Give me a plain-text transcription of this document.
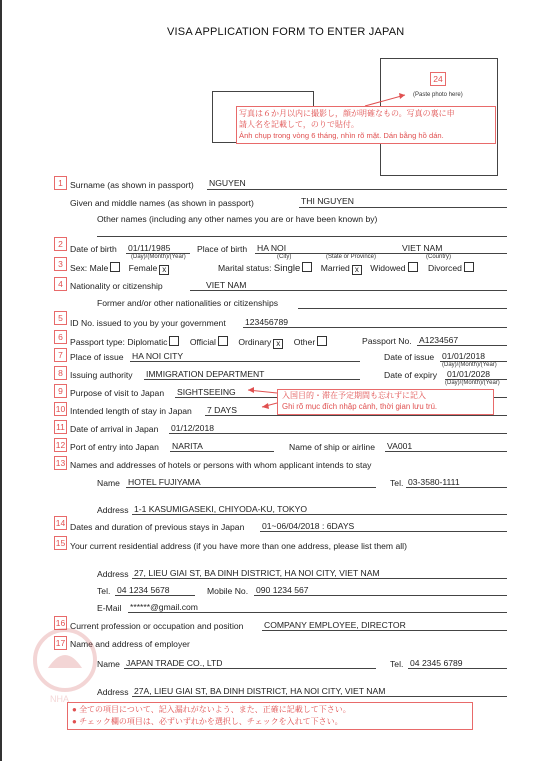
VISA APPLICATION FORM TO ENTER JAPAN
24
(Paste photo here)
写真は６か月以内に撮影し，顔が明確なもの。写真の裏に申
請人名を記載して，のりで貼付。
Ảnh chụp trong vòng 6 tháng, nhìn rõ mặt. Dán bằng hồ dán.
1 Surname (as shown in passport) NGUYEN
Given and middle names (as shown in passport)	THI NGUYEN
Other names (including any other names you are or have been known by)
2 Date of birth 01/11/1985	Place of birth HA NOI	VIET NAM
(Day)/(Month)/(Year)	(City)	(State or Province)	(Country)
3 Sex: Male Female x	Marital status: Single Married x Widowed	Divorced
4 Nationality or citizenship	VIET NAM
Former and/or other nationalities or citizenships
5 ID No. issued to you by your government 123456789
6 Passport type: Diplomatic	Official	Ordinary x Other	Passport No. A1234567
7 Place of issue HA NOI CITY	Date of issue 01/01/2018
(Day)/(Month)/(Year)
8 Issuing authority IMMIGRATION DEPARTMENT	Date of expiry 01/01/2028
(Day)/(Month)/(Year)
9 Purpose of visit to Japan SIGHTSEEING	入国目的・滞在予定期間も忘れずに記入
Ghi rõ mục đích nhập cảnh, thời gian lưu trú.
10 Intended length of stay in Japan 7 DAYS
11 Date of arrival in Japan 01/12/2018
12 Port of entry into Japan NARITA	Name of ship or airline VA001
13 Names and addresses of hotels or persons with whom applicant intends to stay
Name HOTEL FUJIYAMA	Tel. 03-3580-1111
Address 1-1 KASUMIGASEKI, CHIYODA-KU, TOKYO
14 Dates and duration of previous stays in Japan 01~06/04/2018 : 6DAYS
15 Your current residential address (if you have more than one address, please list them all)
Address 27, LIEU GIAI ST, BA DINH DISTRICT, HA NOI CITY, VIET NAM
Tel. 04 1234 5678	Mobile No. 090 1234 567
E-Mail ******@gmail.com
16 Current profession or occupation and position COMPANY EMPLOYEE, DIRECTOR
17 Name and address of employer
Name JAPAN TRADE CO., LTD	Tel. 04 2345 6789
Address 27A, LIEU GIAI ST, BA DINH DISTRICT, HA NOI CITY, VIET NAM
● 全ての項目について、記入漏れがないよう、また、正確に記載して下さい。
● チェック欄の項目は、必ずいずれかを選択し、チェックを入れて下さい。
NHA
